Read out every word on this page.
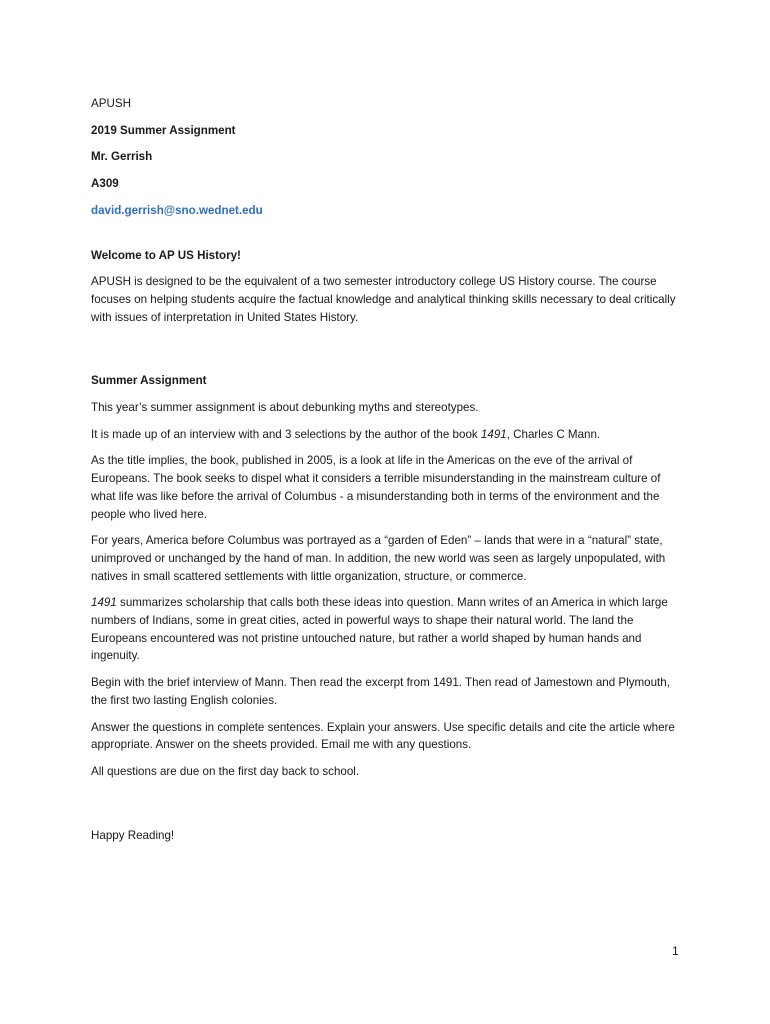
APUSH

2019 Summer Assignment

Mr. Gerrish

A309

david.gerrish@sno.wednet.edu

Welcome to AP US History!

APUSH is designed to be the equivalent of a two semester introductory college US History course. The course focuses on helping students acquire the factual knowledge and analytical thinking skills necessary to deal critically with issues of interpretation in United States History.

Summer Assignment

This year’s summer assignment is about debunking myths and stereotypes.

It is made up of an interview with and 3 selections by the author of the book 1491, Charles C Mann.

As the title implies, the book, published in 2005, is a look at life in the Americas on the eve of the arrival of Europeans. The book seeks to dispel what it considers a terrible misunderstanding in the mainstream culture of what life was like before the arrival of Columbus - a misunderstanding both in terms of the environment and the people who lived here.

For years, America before Columbus was portrayed as a “garden of Eden” – lands that were in a “natural” state, unimproved or unchanged by the hand of man. In addition, the new world was seen as largely unpopulated, with natives in small scattered settlements with little organization, structure, or commerce.

1491 summarizes scholarship that calls both these ideas into question. Mann writes of an America in which large numbers of Indians, some in great cities, acted in powerful ways to shape their natural world. The land the Europeans encountered was not pristine untouched nature, but rather a world shaped by human hands and ingenuity.

Begin with the brief interview of Mann. Then read the excerpt from 1491. Then read of Jamestown and Plymouth, the first two lasting English colonies.

Answer the questions in complete sentences. Explain your answers. Use specific details and cite the article where appropriate. Answer on the sheets provided. Email me with any questions.

All questions are due on the first day back to school.

Happy Reading!

1
